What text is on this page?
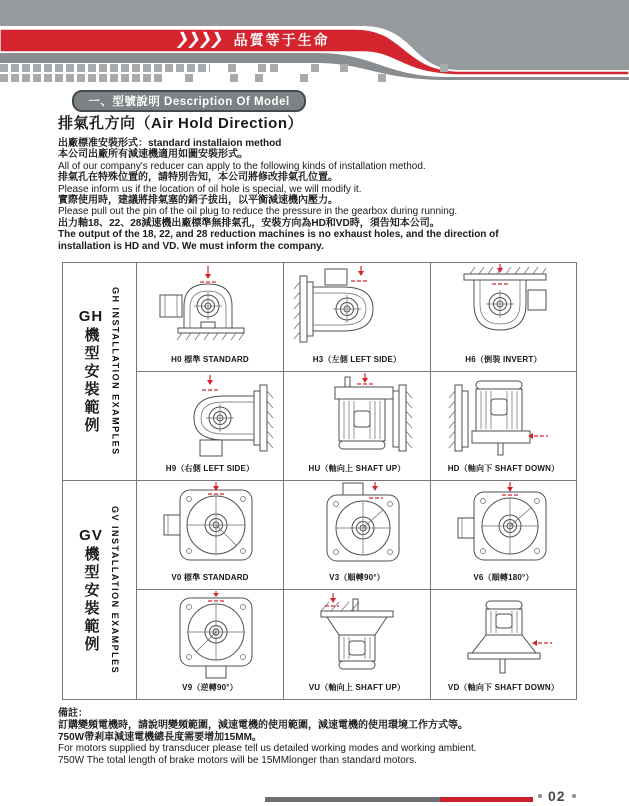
❯❯❯❯ 品質等于生命
一、型號說明 Description Of Model
排氣孔方向（Air Hold Direction）
出廠標准安裝形式：standard installaion method
本公司出廠所有減速機適用如圖安裝形式。
All of our company's reducer can apply to the following kinds of installation method.
排氣孔在特殊位置的，請特別告知，本公司將修改排氣孔位置。
Please inform us if the location of oil hole is special, we will modify it.
實際使用時，建議將排氣塞的銷子拔出，以平衡減速機內壓力。
Please pull out the pin of the oil plug to reduce the pressure in the gearbox during running.
出力軸18、22、28減速機出廠標準無排氣孔，安裝方向為HD和VD時，須告知本公司。
The output of the 18, 22, and 28 reduction machines is no exhaust holes, and the direction of
installation is HD and VD. We must inform the company.
GH
機型安裝範例 GH INSTALLATION EXAMPLES	H0 標準 STANDARD	H3（左側 LEFT SIDE）	H6（倒裝 INVERT）
H9（右側 LEFT SIDE）	HU（軸向上 SHAFT UP）	HD（軸向下 SHAFT DOWN）
GV
機型安裝範例 GV INSTALLATION EXAMPLES	V0 標準 STANDARD	V3（順轉90°）	V6（順轉180°）
V9（逆轉90°）	VU（軸向上 SHAFT UP）	VD（軸向下 SHAFT DOWN）
備註：
訂購變頻電機時，請說明變頻範圍，減速電機的使用範圍，減速電機的使用環境工作方式等。
750W帶剎車減速電機總長度需要增加15MM。
For motors supplied by transducer please tell us detailed working modes and working ambient.
750W The total length of brake motors will be 15MMlonger than standard motors.
02
